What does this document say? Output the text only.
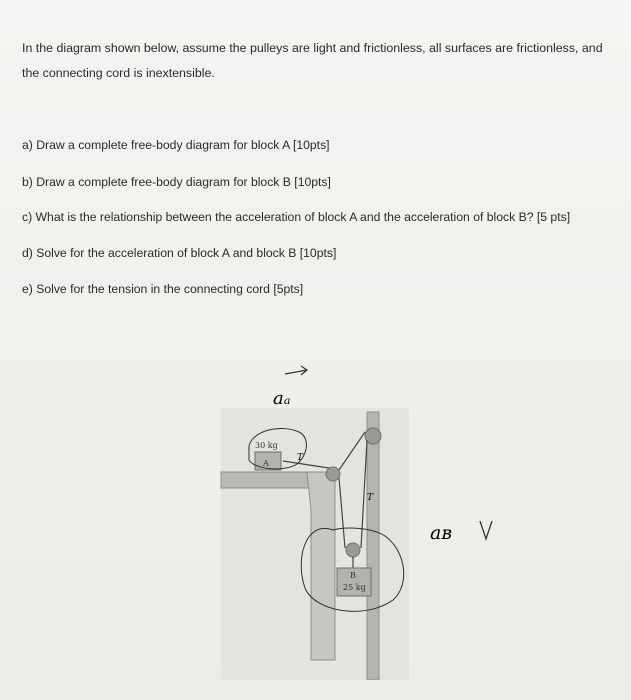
In the diagram shown below, assume the pulleys are light and frictionless, all surfaces are frictionless, and the connecting cord is inextensible.

a) Draw a complete free-body diagram for block A [10pts]

b) Draw a complete free-body diagram for block B [10pts]

c) What is the relationship between the acceleration of block A and the acceleration of block B? [5 pts]

d) Solve for the acceleration of block A and block B [10pts]

e) Solve for the tension in the connecting cord [5pts]

30 kg
A
B
25 kg
T
T
aₐ
aʙ
